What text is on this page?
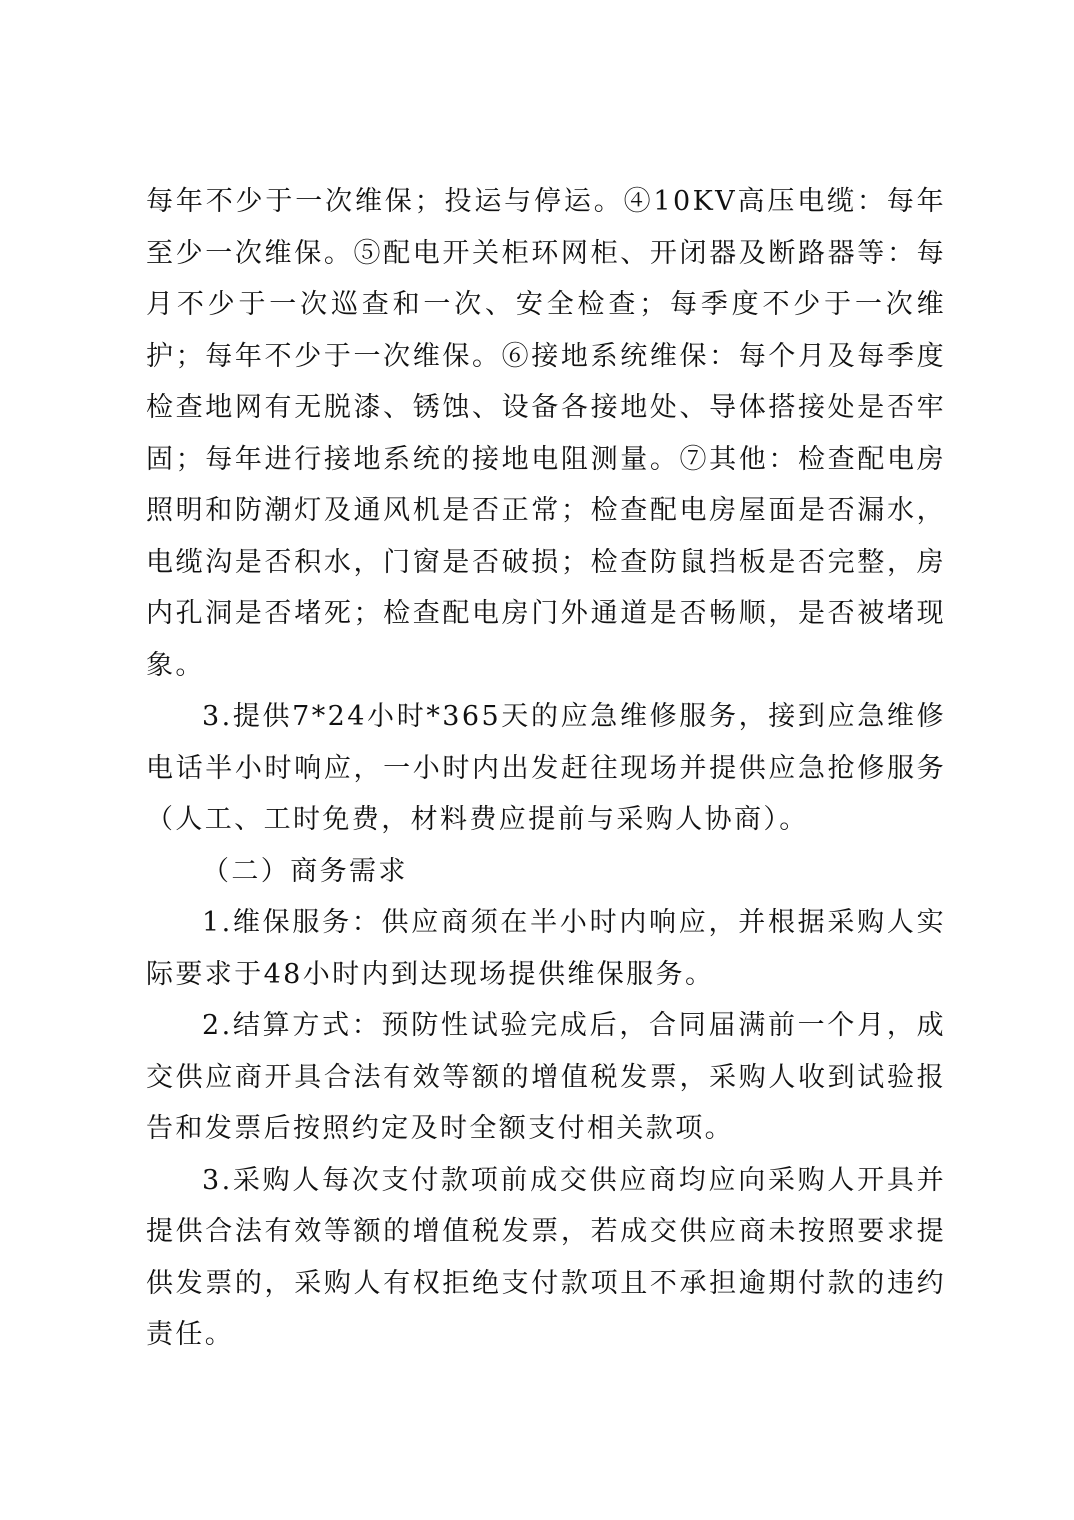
每年不少于一次维保；投运与停运。④10KV高压电缆：每年至少一次维保。⑤配电开关柜环网柜、开闭器及断路器等：每月不少于一次巡查和一次、安全检查；每季度不少于一次维护；每年不少于一次维保。⑥接地系统维保：每个月及每季度检查地网有无脱漆、锈蚀、设备各接地处、导体搭接处是否牢固；每年进行接地系统的接地电阻测量。⑦其他：检查配电房照明和防潮灯及通风机是否正常；检查配电房屋面是否漏水，电缆沟是否积水，门窗是否破损；检查防鼠挡板是否完整，房内孔洞是否堵死；检查配电房门外通道是否畅顺，是否被堵现象。

3.提供7*24小时*365天的应急维修服务，接到应急维修电话半小时响应，一小时内出发赶往现场并提供应急抢修服务（人工、工时免费，材料费应提前与采购人协商）。

（二）商务需求

1.维保服务：供应商须在半小时内响应，并根据采购人实际要求于48小时内到达现场提供维保服务。

2.结算方式：预防性试验完成后，合同届满前一个月，成交供应商开具合法有效等额的增值税发票，采购人收到试验报告和发票后按照约定及时全额支付相关款项。

3.采购人每次支付款项前成交供应商均应向采购人开具并提供合法有效等额的增值税发票，若成交供应商未按照要求提供发票的，采购人有权拒绝支付款项且不承担逾期付款的违约责任。
